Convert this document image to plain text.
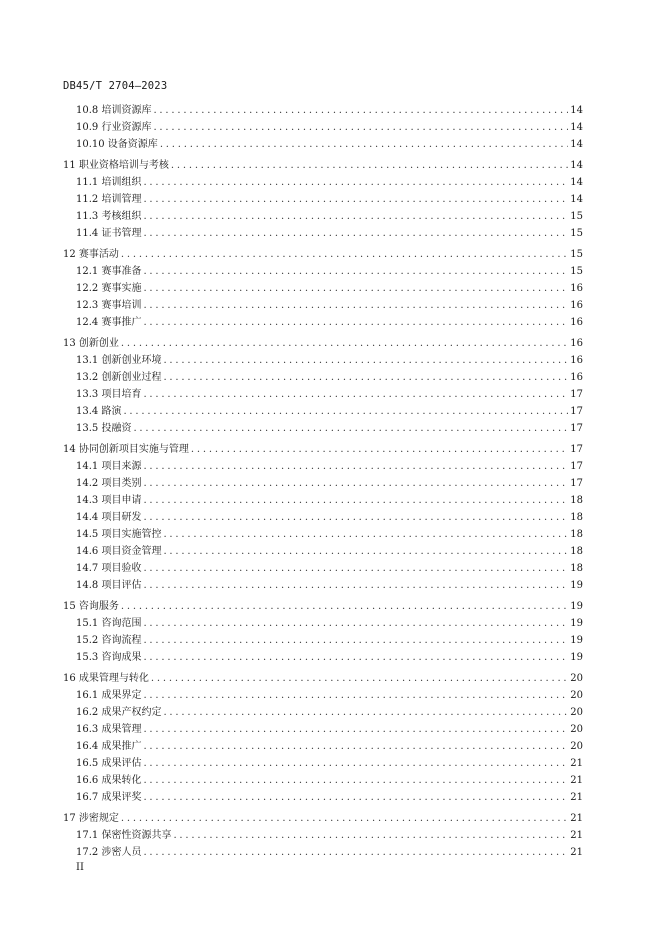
DB45/T 2704—2023
10.8 培训资源库 .....	14
10.9 行业资源库 .....	14
10.10 设备资源库 .....	14
11 职业资格培训与考核 .....	14
11.1 培训组织 .....	14
11.2 培训管理 .....	14
11.3 考核组织 .....	15
11.4 证书管理 .....	15
12 赛事活动 .....	15
12.1 赛事准备 .....	15
12.2 赛事实施 .....	16
12.3 赛事培训 .....	16
12.4 赛事推广 .....	16
13 创新创业 .....	16
13.1 创新创业环境 .....	16
13.2 创新创业过程 .....	16
13.3 项目培育 .....	17
13.4 路演 .....	17
13.5 投融资 .....	17
14 协同创新项目实施与管理 .....	17
14.1 项目来源 .....	17
14.2 项目类别 .....	17
14.3 项目申请 .....	18
14.4 项目研发 .....	18
14.5 项目实施管控 .....	18
14.6 项目资金管理 .....	18
14.7 项目验收 .....	18
14.8 项目评估 .....	19
15 咨询服务 .....	19
15.1 咨询范围 .....	19
15.2 咨询流程 .....	19
15.3 咨询成果 .....	19
16 成果管理与转化 .....	20
16.1 成果界定 .....	20
16.2 成果产权约定 .....	20
16.3 成果管理 .....	20
16.4 成果推广 .....	20
16.5 成果评估 .....	21
16.6 成果转化 .....	21
16.7 成果评奖 .....	21
17 涉密规定 .....	21
17.1 保密性资源共享 .....	21
17.2 涉密人员 .....	21
II
